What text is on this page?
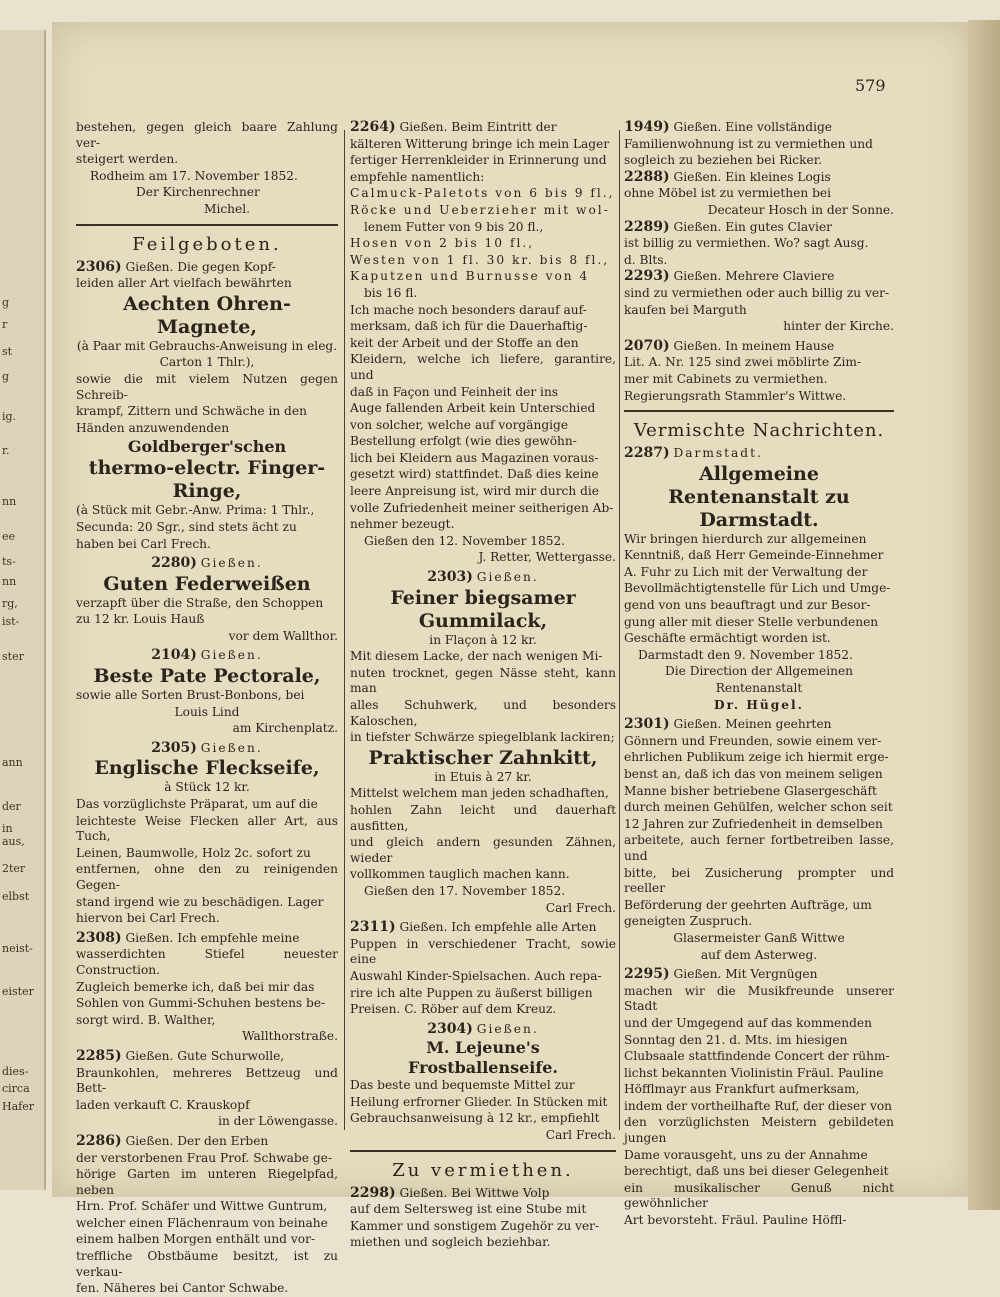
g
r
st
g
ig.
r.
nn
ee
ts-
nn
rg,
ist-
ster
ann
der
in
aus,
2ter
elbst
neist-
eister
dies-
circa
Hafer
579
bestehen, gegen gleich baare Zahlung ver-
steigert werden.
Rodheim am 17. November 1852.
Der Kirchenrechner
Michel.
Feilgeboten.
2306) Gießen. Die gegen Kopf-
leiden aller Art vielfach bewährten
Aechten Ohren-Magnete,
(à Paar mit Gebrauchs-Anweisung in eleg.
Carton 1 Thlr.),
sowie die mit vielem Nutzen gegen Schreib-
krampf, Zittern und Schwäche in den
Händen anzuwendenden
Goldberger'schen
thermo-electr. Finger-Ringe,
(à Stück mit Gebr.-Anw. Prima: 1 Thlr.,
Secunda: 20 Sgr., sind stets ächt zu
haben bei Carl Frech.
2280) Gießen.
Guten Federweißen
verzapft über die Straße, den Schoppen
zu 12 kr. Louis Hauß
vor dem Wallthor.
2104) Gießen.
Beste Pate Pectorale,
sowie alle Sorten Brust-Bonbons, bei
Louis Lind
am Kirchenplatz.
2305) Gießen.
Englische Fleckseife,
à Stück 12 kr.
Das vorzüglichste Präparat, um auf die
leichteste Weise Flecken aller Art, aus Tuch,
Leinen, Baumwolle, Holz 2c. sofort zu
entfernen, ohne den zu reinigenden Gegen-
stand irgend wie zu beschädigen. Lager
hiervon bei Carl Frech.
2308) Gießen. Ich empfehle meine
wasserdichten Stiefel neuester Construction.
Zugleich bemerke ich, daß bei mir das
Sohlen von Gummi-Schuhen bestens be-
sorgt wird. B. Walther,
Wallthorstraße.
2285) Gießen. Gute Schurwolle,
Braunkohlen, mehreres Bettzeug und Bett-
laden verkauft C. Krauskopf
in der Löwengasse.
2286) Gießen. Der den Erben
der verstorbenen Frau Prof. Schwabe ge-
hörige Garten im unteren Riegelpfad, neben
Hrn. Prof. Schäfer und Wittwe Guntrum,
welcher einen Flächenraum von beinahe
einem halben Morgen enthält und vor-
treffliche Obstbäume besitzt, ist zu verkau-
fen. Näheres bei Cantor Schwabe.
2264) Gießen. Beim Eintritt der
kälteren Witterung bringe ich mein Lager
fertiger Herrenkleider in Erinnerung und
empfehle namentlich:
Calmuck-Paletots von 6 bis 9 fl.,
Röcke und Ueberzieher mit wol-
lenem Futter von 9 bis 20 fl.,
Hosen von 2 bis 10 fl.,
Westen von 1 fl. 30 kr. bis 8 fl.,
Kaputzen und Burnusse von 4
bis 16 fl.
Ich mache noch besonders darauf auf-
merksam, daß ich für die Dauerhaftig-
keit der Arbeit und der Stoffe an den
Kleidern, welche ich liefere, garantire, und
daß in Façon und Feinheit der ins
Auge fallenden Arbeit kein Unterschied
von solcher, welche auf vorgängige
Bestellung erfolgt (wie dies gewöhn-
lich bei Kleidern aus Magazinen voraus-
gesetzt wird) stattfindet. Daß dies keine
leere Anpreisung ist, wird mir durch die
volle Zufriedenheit meiner seitherigen Ab-
nehmer bezeugt.
Gießen den 12. November 1852.
J. Retter, Wettergasse.
2303) Gießen.
Feiner biegsamer Gummilack,
in Flaçon à 12 kr.
Mit diesem Lacke, der nach wenigen Mi-
nuten trocknet, gegen Nässe steht, kann man
alles Schuhwerk, und besonders Kaloschen,
in tiefster Schwärze spiegelblank lackiren;
Praktischer Zahnkitt,
in Etuis à 27 kr.
Mittelst welchem man jeden schadhaften,
hohlen Zahn leicht und dauerhaft ausfitten,
und gleich andern gesunden Zähnen, wieder
vollkommen tauglich machen kann.
Gießen den 17. November 1852.
Carl Frech.
2311) Gießen. Ich empfehle alle Arten
Puppen in verschiedener Tracht, sowie eine
Auswahl Kinder-Spielsachen. Auch repa-
rire ich alte Puppen zu äußerst billigen
Preisen. C. Röber auf dem Kreuz.
2304) Gießen.
M. Lejeune's Frostballenseife.
Das beste und bequemste Mittel zur
Heilung erfrorner Glieder. In Stücken mit
Gebrauchsanweisung à 12 kr., empfiehlt
Carl Frech.
Zu vermiethen.
2298) Gießen. Bei Wittwe Volp
auf dem Seltersweg ist eine Stube mit
Kammer und sonstigem Zugehör zu ver-
miethen und sogleich beziehbar.
1949) Gießen. Eine vollständige
Familienwohnung ist zu vermiethen und
sogleich zu beziehen bei Ricker.
2288) Gießen. Ein kleines Logis
ohne Möbel ist zu vermiethen bei
Decateur Hosch in der Sonne.
2289) Gießen. Ein gutes Clavier
ist billig zu vermiethen. Wo? sagt Ausg.
d. Blts.
2293) Gießen. Mehrere Claviere
sind zu vermiethen oder auch billig zu ver-
kaufen bei Marguth
hinter der Kirche.
2070) Gießen. In meinem Hause
Lit. A. Nr. 125 sind zwei möblirte Zim-
mer mit Cabinets zu vermiethen.
Regierungsrath Stammler's Wittwe.
Vermischte Nachrichten.
2287) Darmstadt.
Allgemeine Rentenanstalt zu
Darmstadt.
Wir bringen hierdurch zur allgemeinen
Kenntniß, daß Herr Gemeinde-Einnehmer
A. Fuhr zu Lich mit der Verwaltung der
Bevollmächtigtenstelle für Lich und Umge-
gend von uns beauftragt und zur Besor-
gung aller mit dieser Stelle verbundenen
Geschäfte ermächtigt worden ist.
Darmstadt den 9. November 1852.
Die Direction der Allgemeinen
Rentenanstalt
Dr. Hügel.
2301) Gießen. Meinen geehrten
Gönnern und Freunden, sowie einem ver-
ehrlichen Publikum zeige ich hiermit erge-
benst an, daß ich das von meinem seligen
Manne bisher betriebene Glasergeschäft
durch meinen Gehülfen, welcher schon seit
12 Jahren zur Zufriedenheit in demselben
arbeitete, auch ferner fortbetreiben lasse, und
bitte, bei Zusicherung prompter und reeller
Beförderung der geehrten Aufträge, um
geneigten Zuspruch.
Glasermeister Ganß Wittwe
auf dem Asterweg.
2295) Gießen. Mit Vergnügen
machen wir die Musikfreunde unserer Stadt
und der Umgegend auf das kommenden
Sonntag den 21. d. Mts. im hiesigen
Clubsaale stattfindende Concert der rühm-
lichst bekannten Violinistin Fräul. Pauline
Höfflmayr aus Frankfurt aufmerksam,
indem der vortheilhafte Ruf, der dieser von
den vorzüglichsten Meistern gebildeten jungen
Dame vorausgeht, uns zu der Annahme
berechtigt, daß uns bei dieser Gelegenheit
ein musikalischer Genuß nicht gewöhnlicher
Art bevorsteht. Fräul. Pauline Höffl-
